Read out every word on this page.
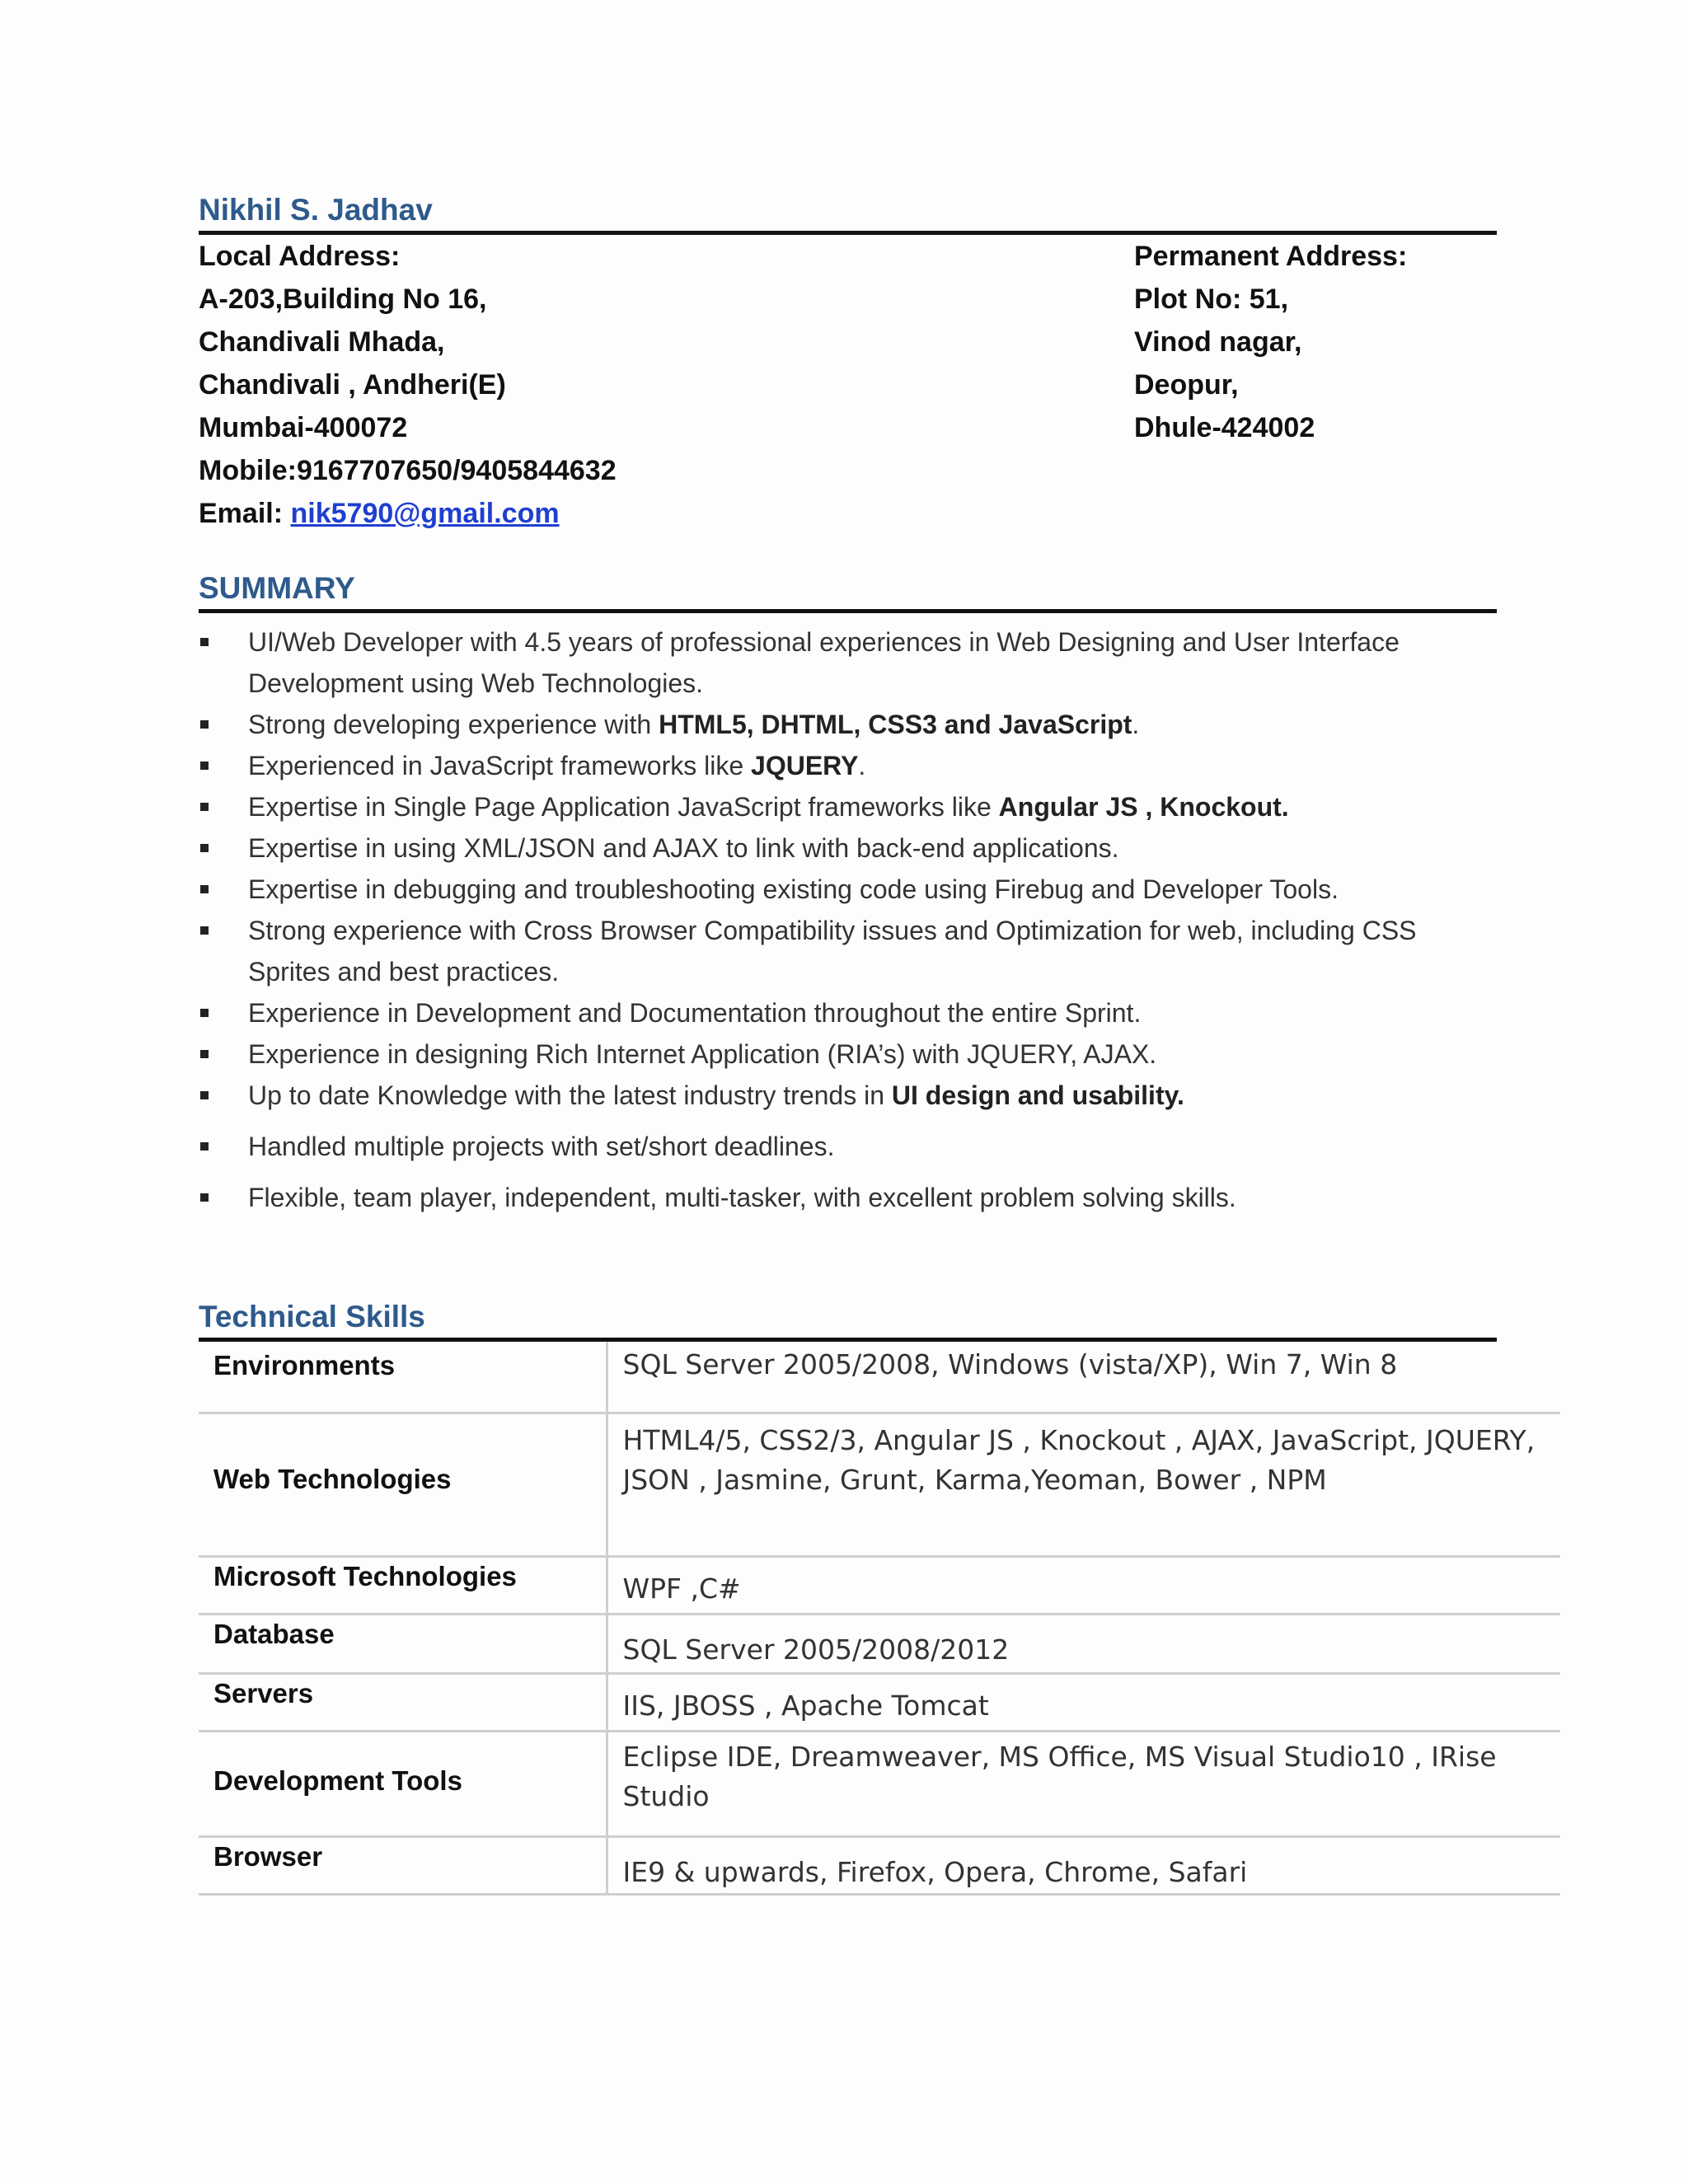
Nikhil S. Jadhav
Local Address:
A-203,Building No 16,
Chandivali Mhada,
Chandivali , Andheri(E)
Mumbai-400072
Permanent Address:
Plot No: 51,
Vinod nagar,
Deopur,
Dhule-424002
Mobile:9167707650/9405844632
Email: nik5790@gmail.com
SUMMARY
UI/Web Developer with 4.5 years of professional experiences in Web Designing and User Interface Development using Web Technologies.
Strong developing experience with HTML5, DHTML, CSS3 and JavaScript.
Experienced in JavaScript frameworks like JQUERY.
Expertise in Single Page Application JavaScript frameworks like Angular JS , Knockout.
Expertise in using XML/JSON and AJAX to link with back-end applications.
Expertise in debugging and troubleshooting existing code using Firebug and Developer Tools.
Strong experience with Cross Browser Compatibility issues and Optimization for web, including CSS Sprites and best practices.
Experience in Development and Documentation throughout the entire Sprint.
Experience in designing Rich Internet Application (RIA’s) with JQUERY, AJAX.
Up to date Knowledge with the latest industry trends in UI design and usability.
Handled multiple projects with set/short deadlines.
Flexible, team player, independent, multi-tasker, with excellent problem solving skills.
Technical Skills
Environments	SQL Server 2005/2008, Windows (vista/XP), Win 7, Win 8
Web Technologies	HTML4/5, CSS2/3, Angular JS , Knockout , AJAX, JavaScript, JQUERY, JSON , Jasmine, Grunt, Karma,Yeoman, Bower , NPM
Microsoft Technologies	WPF ,C#
Database	SQL Server 2005/2008/2012
Servers	IIS, JBOSS , Apache Tomcat
Development Tools	Eclipse IDE, Dreamweaver, MS Office, MS Visual Studio10 , IRise Studio
Browser	IE9 & upwards, Firefox, Opera, Chrome, Safari
